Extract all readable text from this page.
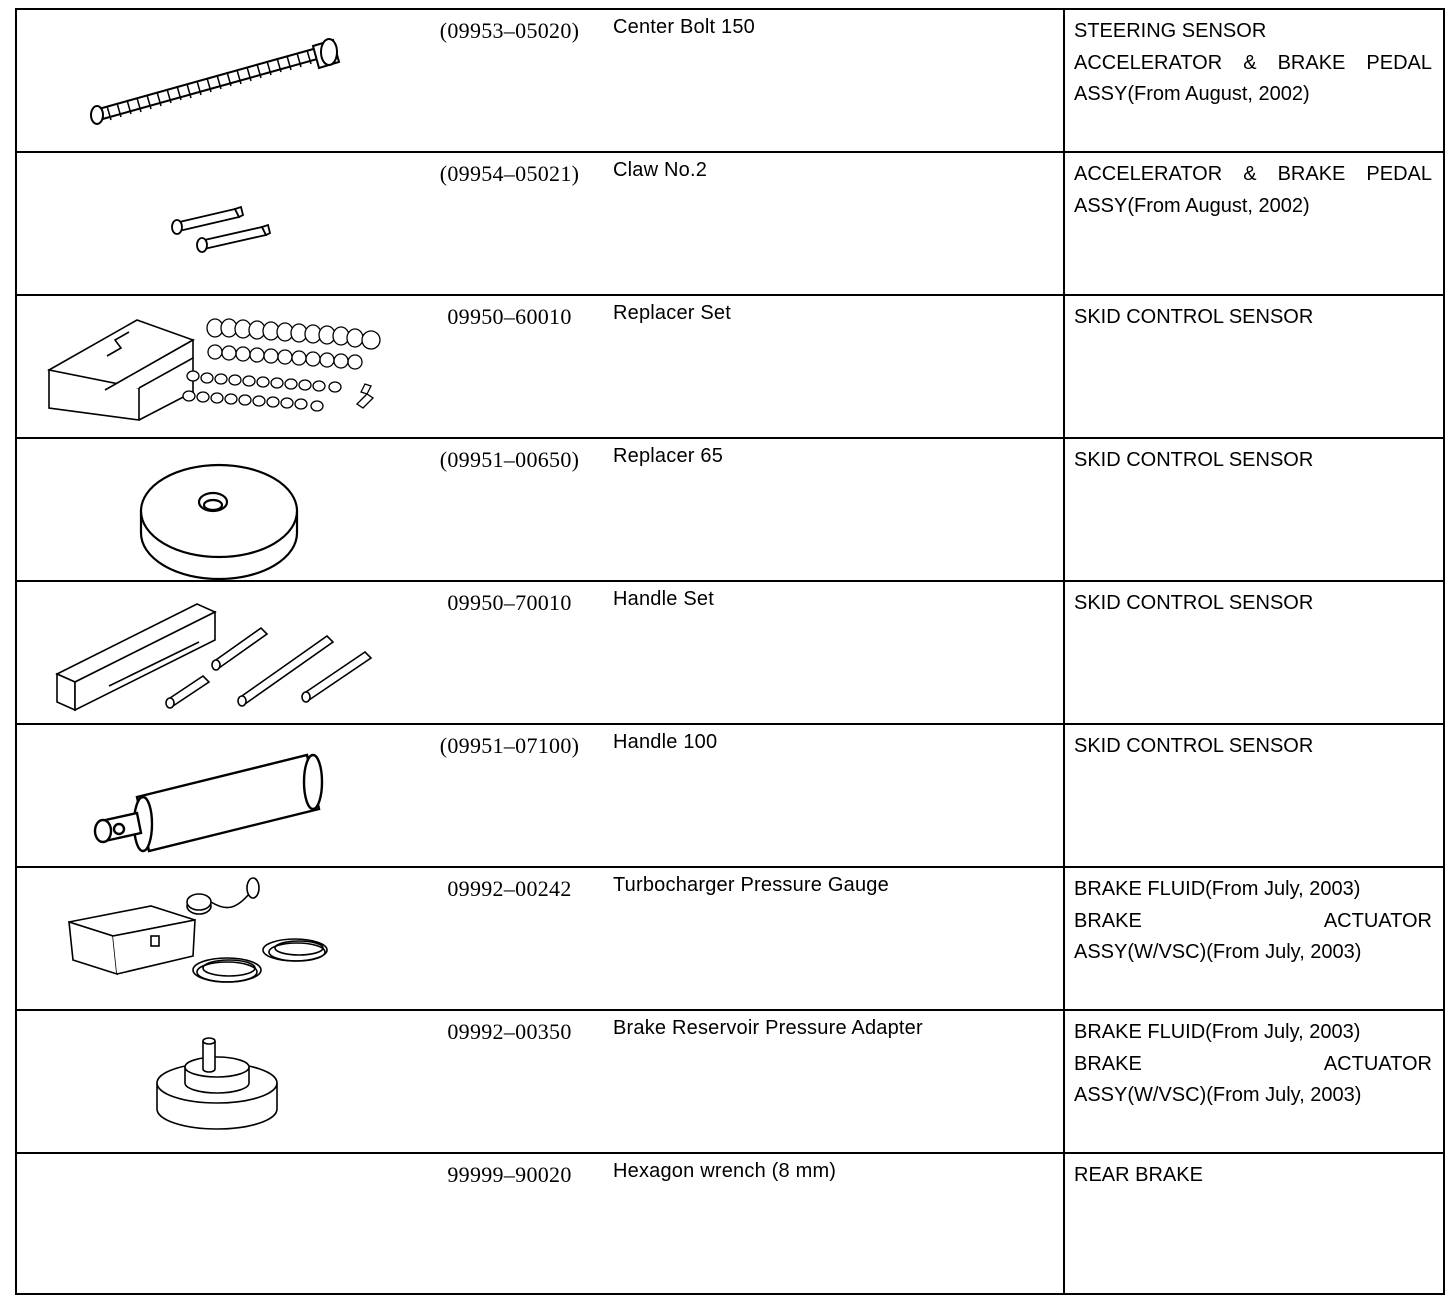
(09953–05020)	Center Bolt 150	STEERING SENSOR
ACCELERATOR & BRAKE PEDAL
ASSY(From August, 2002)
(09954–05021)	Claw No.2	ACCELERATOR & BRAKE PEDAL
ASSY(From August, 2002)
09950–60010	Replacer Set	SKID CONTROL SENSOR
(09951–00650)	Replacer 65	SKID CONTROL SENSOR
09950–70010	Handle Set	SKID CONTROL SENSOR
(09951–07100)	Handle 100	SKID CONTROL SENSOR
09992–00242	Turbocharger Pressure Gauge	BRAKE FLUID(From July, 2003)
BRAKE ACTUATOR
ASSY(W/VSC)(From July, 2003)
09992–00350	Brake Reservoir Pressure Adapter	BRAKE FLUID(From July, 2003)
BRAKE ACTUATOR
ASSY(W/VSC)(From July, 2003)
99999–90020	Hexagon wrench (8 mm)	REAR BRAKE
